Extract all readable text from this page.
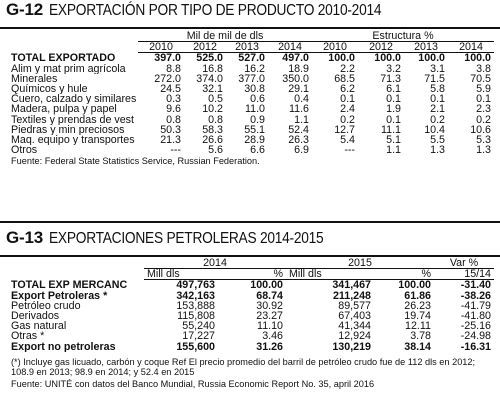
G-12 EXPORTACIÓN POR TIPO DE PRODUCTO 2010-2014
	Mil de mil de dls				Estructura %			
	2010	2012	2013	2014	2010	2012	2013	2014
TOTAL EXPORTADO	397.0	525.0	527.0	497.0	100.0	100.0	100.0	100.0
Alim y mat prim agrícola	8.8	16.8	16.2	18.9	2.2	3.2	3.1	3.8
Minerales	272.0	374.0	377.0	350.0	68.5	71.3	71.5	70.5
Químicos y hule	24.5	32.1	30.8	29.1	6.2	6.1	5.8	5.9
Cuero, calzado y similares	0.3	0.5	0.6	0.4	0.1	0.1	0.1	0.1
Madera, pulpa y papel	9.6	10.2	11.0	11.6	2.4	1.9	2.1	2.3
Textiles y prendas de vest	0.8	0.8	0.9	1.1	0.2	0.1	0.2	0.2
Piedras y min preciosos	50.3	58.3	55.1	52.4	12.7	11.1	10.4	10.6
Maq. equipo y transportes	21.3	26.6	28.9	26.3	5.4	5.1	5.5	5.3
Otros	---	5.6	6.6	6.9	---	1.1	1.3	1.3
Fuente: Federal State Statistics Service, Russian Federation.								
G-13 EXPORTACIONES PETROLERAS 2014-2015
	2014		2015		Var %
	Mill dls	%	Mill dls	%	15/14
TOTAL EXP MERCANC	497,763	100.00	341,467	100.00	-31.40
Export Petroleras *	342,163	68.74	211,248	61.86	-38.26
Petróleo crudo	153,888	30.92	89,577	26.23	-41.79
Derivados	115,808	23.27	67,403	19.74	-41.80
Gas natural	55,240	11.10	41,344	12.11	-25.16
Otras *	17,227	3.46	12,924	3.78	-24.98
Export no petroleras	155,600	31.26	130,219	38.14	-16.31

(*) Incluye gas licuado, carbón y coque Ref El precio promedio del barril de petróleo crudo fue de 112 dls en 2012; 108.9 en 2013; 98.9 en 2014; y 52.4 en 2015					
Fuente: UNITÉ con datos del Banco Mundial, Russia Economic Report No. 35, april 2016					
